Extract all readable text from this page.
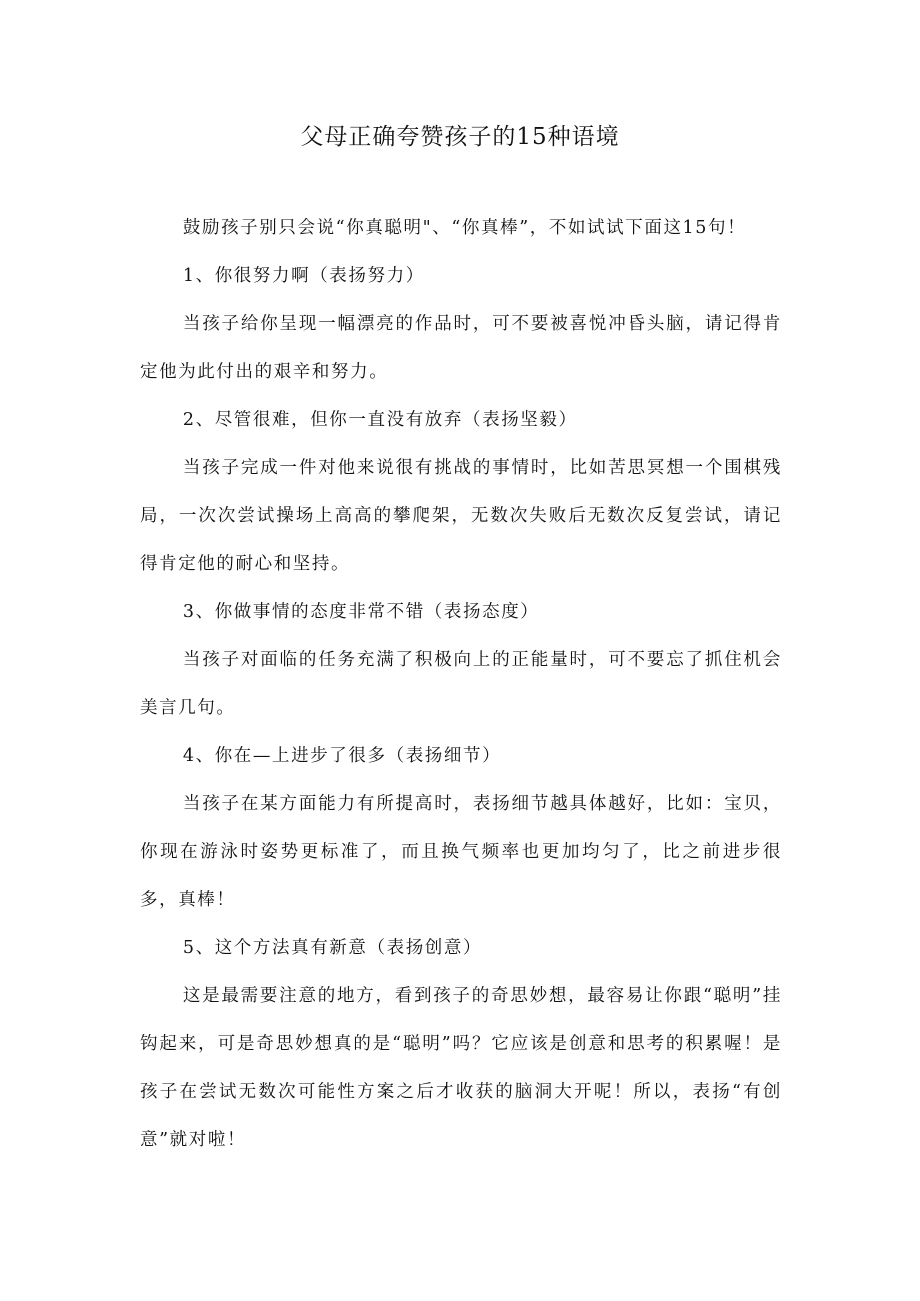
父母正确夸赞孩子的15种语境

鼓励孩子别只会说“你真聪明"、“你真棒”，不如试试下面这15句！

1、你很努力啊（表扬努力）

当孩子给你呈现一幅漂亮的作品时，可不要被喜悦冲昏头脑，请记得肯定他为此付出的艰辛和努力。

2、尽管很难，但你一直没有放弃（表扬坚毅）

当孩子完成一件对他来说很有挑战的事情时，比如苦思冥想一个围棋残局，一次次尝试操场上高高的攀爬架，无数次失败后无数次反复尝试，请记得肯定他的耐心和坚持。

3、你做事情的态度非常不错（表扬态度）

当孩子对面临的任务充满了积极向上的正能量时，可不要忘了抓住机会美言几句。

4、你在—上进步了很多（表扬细节）

当孩子在某方面能力有所提高时，表扬细节越具体越好，比如：宝贝，你现在游泳时姿势更标准了，而且换气频率也更加均匀了，比之前进步很多，真棒！

5、这个方法真有新意（表扬创意）

这是最需要注意的地方，看到孩子的奇思妙想，最容易让你跟“聪明”挂钩起来，可是奇思妙想真的是“聪明”吗？它应该是创意和思考的积累喔！是孩子在尝试无数次可能性方案之后才收获的脑洞大开呢！所以，表扬“有创意”就对啦！
